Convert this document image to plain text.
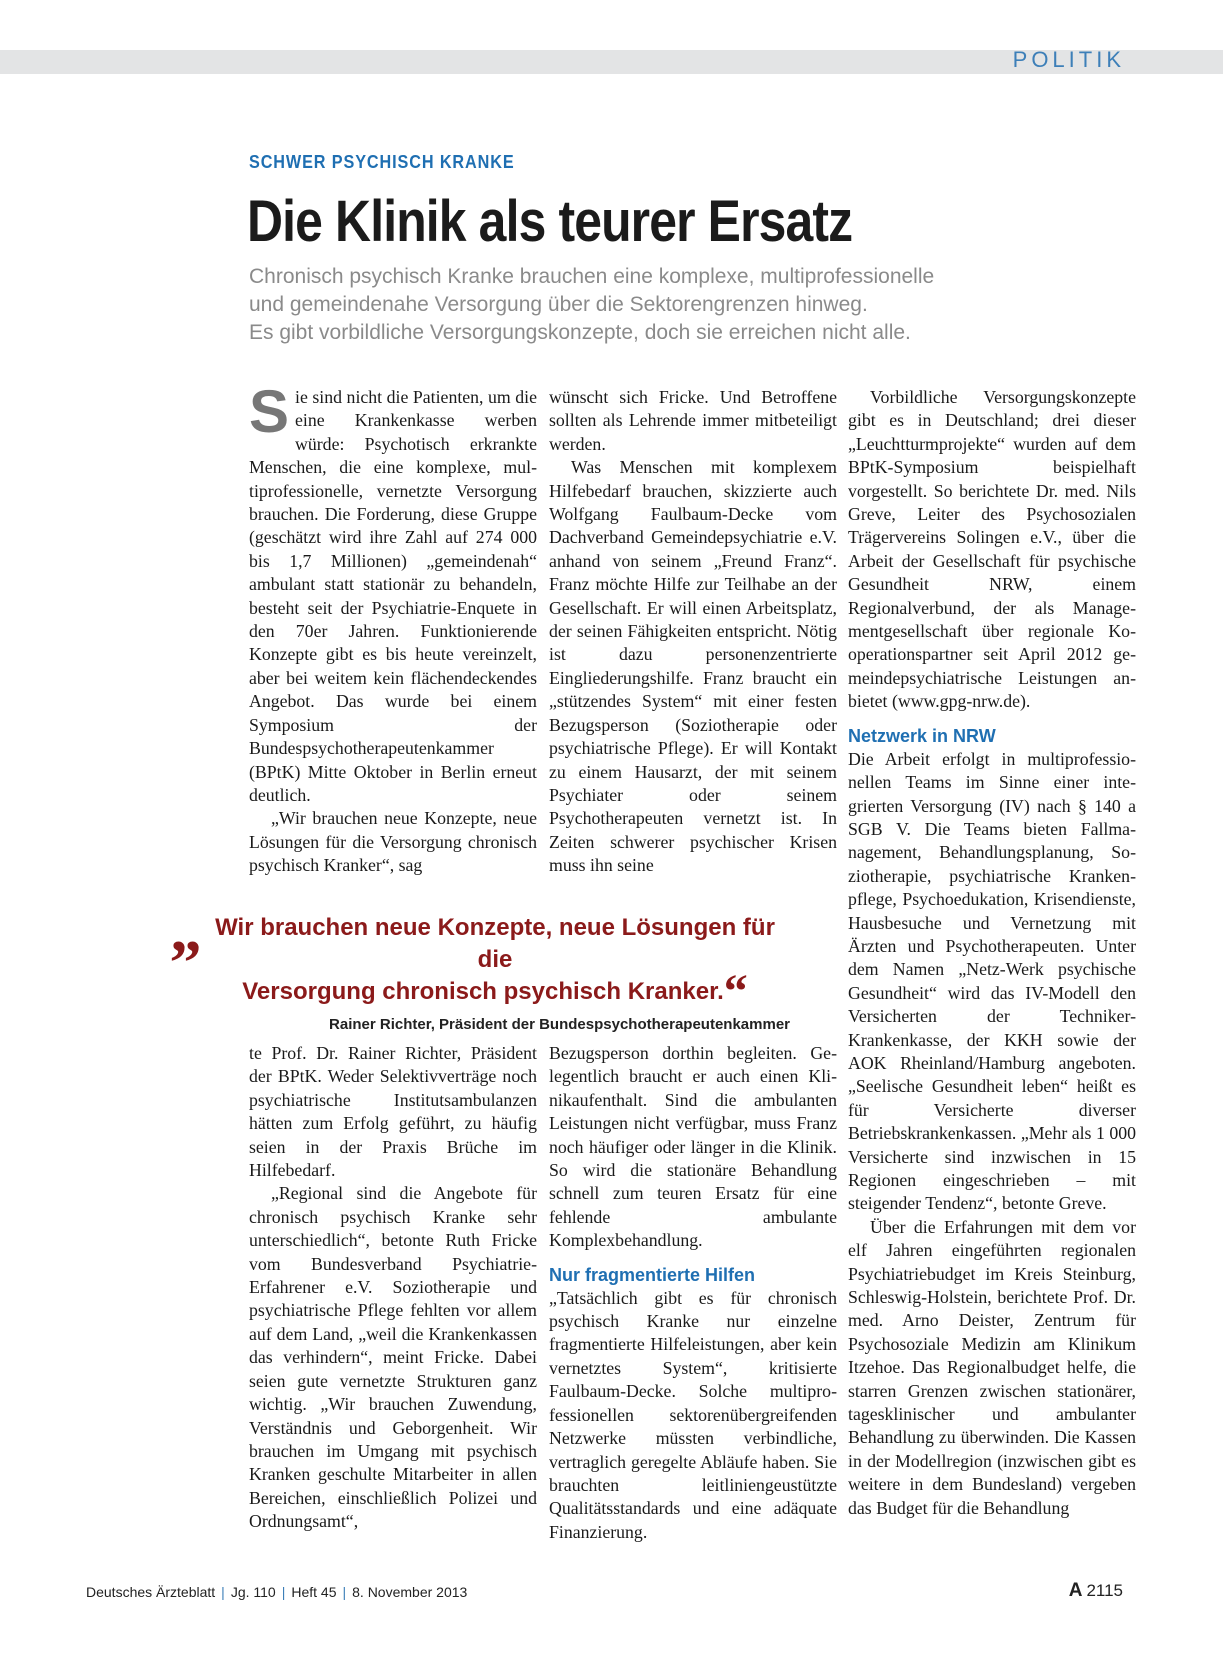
POLITIK
SCHWER PSYCHISCH KRANKE
Die Klinik als teurer Ersatz
Chronisch psychisch Kranke brauchen eine komplexe, multiprofessionelle
und gemeindenahe Versorgung über die Sektorengrenzen hinweg.
Es gibt vorbildliche Versorgungskonzepte, doch sie erreichen nicht alle.

Sie sind nicht die Patienten, um die eine Krankenkasse werben würde: Psychotisch erkrankte Menschen, die eine komplexe, multiprofessionelle, vernetzte Versorgung brauchen. Die Forderung, diese Gruppe (geschätzt wird ihre Zahl auf 274 000 bis 1,7 Millionen) „gemeindenah“ ambulant statt stationär zu behandeln, besteht seit der Psychiatrie-Enquete in den 70er Jahren. Funktionierende Konzepte gibt es bis heute vereinzelt, aber bei weitem kein flächendeckendes Angebot. Das wurde bei einem Symposium der Bundespsychotherapeutenkammer (BPtK) Mitte Oktober in Berlin erneut deutlich.

„Wir brauchen neue Konzepte, neue Lösungen für die Versorgung chronisch psychisch Kranker“, sag

wünscht sich Fricke. Und Betroffene sollten als Lehrende immer mitbeteiligt werden.

Was Menschen mit komplexem Hilfebedarf brauchen, skizzierte auch Wolfgang Faulbaum-Decke vom Dachverband Gemeindepsychiatrie e.V. anhand von seinem „Freund Franz“. Franz möchte Hilfe zur Teilhabe an der Gesellschaft. Er will einen Arbeitsplatz, der seinen Fähigkeiten entspricht. Nötig ist dazu personenzentrierte Eingliederungshilfe. Franz braucht ein „stützendes System“ mit einer festen Bezugsperson (Soziotherapie oder psychiatrische Pflege). Er will Kontakt zu einem Hausarzt, der mit seinem Psychiater oder seinem Psychotherapeuten vernetzt ist. In Zeiten schwerer psychischer Krisen muss ihn seine

„ Wir brauchen neue Konzepte, neue Lösungen für die
Versorgung chronisch psychisch Kranker.“
Rainer Richter, Präsident der Bundespsychotherapeutenkammer

te Prof. Dr. Rainer Richter, Präsident der BPtK. Weder Selektivverträge noch psychiatrische Institutsambulanzen hätten zum Erfolg geführt, zu häufig seien in der Praxis Brüche im Hilfebedarf.

„Regional sind die Angebote für chronisch psychisch Kranke sehr unterschiedlich“, betonte Ruth Fricke vom Bundesverband Psychiatrie-Erfahrener e.V. Soziotherapie und psychiatrische Pflege fehlten vor allem auf dem Land, „weil die Krankenkassen das verhindern“, meint Fricke. Dabei seien gute vernetzte Strukturen ganz wichtig. „Wir brauchen Zuwendung, Verständnis und Geborgenheit. Wir brauchen im Umgang mit psychisch Kranken geschulte Mitarbeiter in allen Bereichen, einschließlich Polizei und Ordnungsamt“,

Bezugsperson dorthin begleiten. Gelegentlich braucht er auch einen Klinikaufenthalt. Sind die ambulanten Leistungen nicht verfügbar, muss Franz noch häufiger oder länger in die Klinik. So wird die stationäre Behandlung schnell zum teuren Ersatz für eine fehlende ambulante Komplexbehandlung.

Nur fragmentierte Hilfen

„Tatsächlich gibt es für chronisch psychisch Kranke nur einzelne fragmentierte Hilfeleistungen, aber kein vernetztes System“, kritisierte Faulbaum-Decke. Solche multiprofessionellen sektorenübergreifenden Netzwerke müssten verbindliche, vertraglich geregelte Abläufe haben. Sie brauchten leitliniengeustützte Qualitätsstandards und eine adäquate Finanzierung.

Vorbildliche Versorgungskonzepte gibt es in Deutschland; drei dieser „Leuchtturmprojekte“ wurden auf dem BPtK-Symposium beispielhaft vorgestellt. So berichtete Dr. med. Nils Greve, Leiter des Psychosozialen Trägervereins Solingen e.V., über die Arbeit der Gesellschaft für psychische Gesundheit NRW, einem Regionalverbund, der als Managementgesellschaft über regionale Kooperationspartner seit April 2012 gemeindepsychiatrische Leistungen anbietet (www.gpg-nrw.de).

Netzwerk in NRW

Die Arbeit erfolgt in multiprofessionellen Teams im Sinne einer integrierten Versorgung (IV) nach § 140 a SGB V. Die Teams bieten Fallmanagement, Behandlungsplanung, Soziotherapie, psychiatrische Krankenpflege, Psychoedukation, Krisendienste, Hausbesuche und Vernetzung mit Ärzten und Psychotherapeuten. Unter dem Namen „Netz-Werk psychische Gesundheit“ wird das IV-Modell den Versicherten der Techniker-Krankenkasse, der KKH sowie der AOK Rheinland/Hamburg angeboten. „Seelische Gesundheit leben“ heißt es für Versicherte diverser Betriebskrankenkassen. „Mehr als 1 000 Versicherte sind inzwischen in 15 Regionen eingeschrieben – mit steigender Tendenz“, betonte Greve.

Über die Erfahrungen mit dem vor elf Jahren eingeführten regionalen Psychiatriebudget im Kreis Steinburg, Schleswig-Holstein, berichtete Prof. Dr. med. Arno Deister, Zentrum für Psychosoziale Medizin am Klinikum Itzehoe. Das Regionalbudget helfe, die starren Grenzen zwischen stationärer, tagesklinischer und ambulanter Behandlung zu überwinden. Die Kassen in der Modellregion (inzwischen gibt es weitere in dem Bundesland) vergeben das Budget für die Behandlung

Deutsches Ärzteblatt | Jg. 110 | Heft 45 | 8. November 2013	A 2115
